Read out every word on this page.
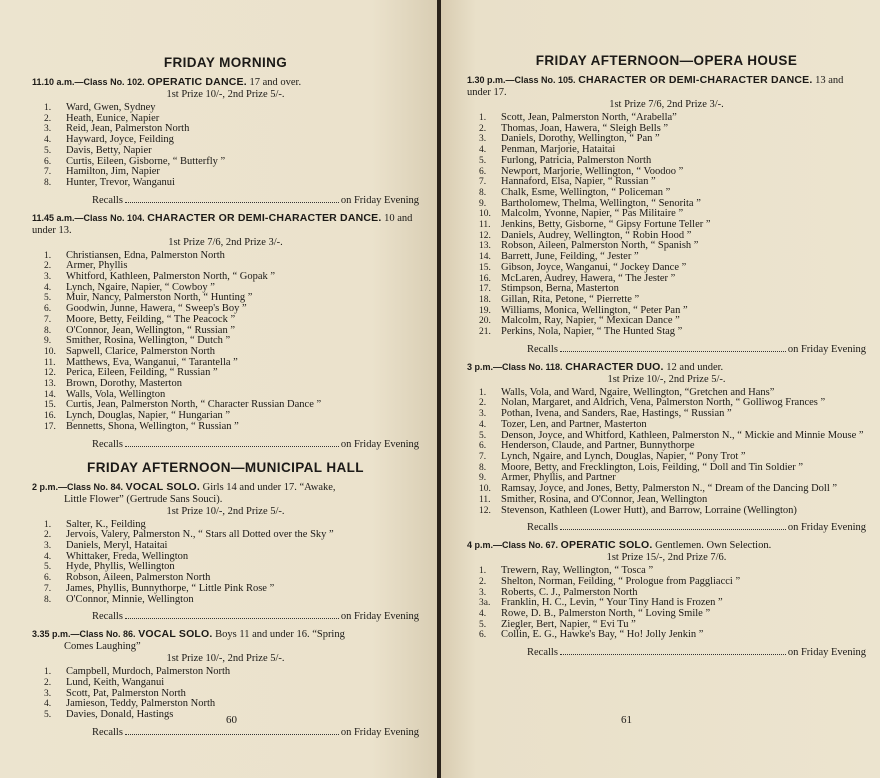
FRIDAY MORNING
11.10 a.m.—Class No. 102. OPERATIC DANCE. 17 and over.
1st Prize 10/-, 2nd Prize 5/-.
1.	Ward, Gwen, Sydney
2.	Heath, Eunice, Napier
3.	Reid, Jean, Palmerston North
4.	Hayward, Joyce, Feilding
5.	Davis, Betty, Napier
6.	Curtis, Eileen, Gisborne, “ Butterfly ”
7.	Hamilton, Jim, Napier
8.	Hunter, Trevor, Wanganui
Recalls	on Friday Evening
11.45 a.m.—Class No. 104. CHARACTER OR DEMI-CHARACTER DANCE. 10 and under 13.
1st Prize 7/6, 2nd Prize 3/-.
1.	Christiansen, Edna, Palmerston North
2.	Armer, Phyllis
3.	Whitford, Kathleen, Palmerston North, “ Gopak ”
4.	Lynch, Ngaire, Napier, “ Cowboy ”
5.	Muir, Nancy, Palmerston North, “ Hunting ”
6.	Goodwin, Junne, Hawera, “ Sweep's Boy ”
7.	Moore, Betty, Feilding, “ The Peacock ”
8.	O'Connor, Jean, Wellington, “ Russian ”
9.	Smither, Rosina, Wellington, “ Dutch ”
10. Sapwell, Clarice, Palmerston North
11. Matthews, Eva, Wanganui, “ Tarantella ”
12. Perica, Eileen, Feilding, “ Russian ”
13. Brown, Dorothy, Masterton
14. Walls, Vola, Wellington
15. Curtis, Jean, Palmerston North, “ Character Russian Dance ”
16. Lynch, Douglas, Napier, “ Hungarian ”
17. Bennetts, Shona, Wellington, “ Russian ”
Recalls	on Friday Evening
FRIDAY AFTERNOON—MUNICIPAL HALL
2 p.m.—Class No. 84. VOCAL SOLO. Girls 14 and under 17. “Awake,
Little Flower” (Gertrude Sans Souci).
1st Prize 10/-, 2nd Prize 5/-.
1.	Salter, K., Feilding
2.	Jervois, Valery, Palmerston N., “ Stars all Dotted over the Sky ”
3.	Daniels, Meryl, Hataitai
4.	Whittaker, Freda, Wellington
5.	Hyde, Phyllis, Wellington
6.	Robson, Aileen, Palmerston North
7.	James, Phyllis, Bunnythorpe, “ Little Pink Rose ”
8.	O'Connor, Minnie, Wellington
Recalls	on Friday Evening
3.35 p.m.—Class No. 86. VOCAL SOLO. Boys 11 and under 16. “Spring
Comes Laughing”
1st Prize 10/-, 2nd Prize 5/-.
1.	Campbell, Murdoch, Palmerston North
2.	Lund, Keith, Wanganui
3.	Scott, Pat, Palmerston North
4.	Jamieson, Teddy, Palmerston North
5.	Davies, Donald, Hastings
Recalls	on Friday Evening
60
FRIDAY AFTERNOON—OPERA HOUSE
1.30 p.m.—Class No. 105. CHARACTER OR DEMI-CHARACTER DANCE. 13 and under 17.
1st Prize 7/6, 2nd Prize 3/-.
1.	Scott, Jean, Palmerston North, “Arabella”
2.	Thomas, Joan, Hawera, “ Sleigh Bells ”
3.	Daniels, Dorothy, Wellington, “ Pan ”
4.	Penman, Marjorie, Hataitai
5.	Furlong, Patricia, Palmerston North
6.	Newport, Marjorie, Wellington, “ Voodoo ”
7.	Hannaford, Elsa, Napier, “ Russian ”
8.	Chalk, Esme, Wellington, “ Policeman ”
9.	Bartholomew, Thelma, Wellington, “ Senorita ”
10. Malcolm, Yvonne, Napier, “ Pas Militaire ”
11. Jenkins, Betty, Gisborne, “ Gipsy Fortune Teller ”
12. Daniels, Audrey, Wellington, “ Robin Hood ”
13. Robson, Aileen, Palmerston North, “ Spanish ”
14. Barrett, June, Feilding, “ Jester ”
15. Gibson, Joyce, Wanganui, “ Jockey Dance ”
16. McLaren, Audrey, Hawera, “ The Jester ”
17. Stimpson, Berna, Masterton
18. Gillan, Rita, Petone, “ Pierrette ”
19. Williams, Monica, Wellington, “ Peter Pan ”
20. Malcolm, Ray, Napier, “ Mexican Dance ”
21. Perkins, Nola, Napier, “ The Hunted Stag ”
Recalls	on Friday Evening
3 p.m.—Class No. 118. CHARACTER DUO. 12 and under.
1st Prize 10/-, 2nd Prize 5/-.
1.	Walls, Vola, and Ward, Ngaire, Wellington, “Gretchen and Hans”
2.	Nolan, Margaret, and Aldrich, Vena, Palmerston North, “ Golliwog Frances ”
3.	Pothan, Ivena, and Sanders, Rae, Hastings, “ Russian ”
4.	Tozer, Len, and Partner, Masterton
5.	Denson, Joyce, and Whitford, Kathleen, Palmerston N., “ Mickie and Minnie Mouse ”
6.	Henderson, Claude, and Partner, Bunnythorpe
7.	Lynch, Ngaire, and Lynch, Douglas, Napier, “ Pony Trot ”
8.	Moore, Betty, and Frecklington, Lois, Feilding, “ Doll and Tin Soldier ”
9.	Armer, Phyllis, and Partner
10. Ramsay, Joyce, and Jones, Betty, Palmerston N., “ Dream of the Dancing Doll ”
11. Smither, Rosina, and O'Connor, Jean, Wellington
12. Stevenson, Kathleen (Lower Hutt), and Barrow, Lorraine (Wellington)
Recalls	on Friday Evening
4 p.m.—Class No. 67. OPERATIC SOLO. Gentlemen. Own Selection.
1st Prize 15/-, 2nd Prize 7/6.
1.	Trewern, Ray, Wellington, “ Tosca ”
2.	Shelton, Norman, Feilding, “ Prologue from Paggliacci ”
3.	Roberts, C. J., Palmerston North
3a.	Franklin, H. C., Levin, “ Your Tiny Hand is Frozen ”
4.	Rowe, D. B., Palmerston North, “ Loving Smile ”
5.	Ziegler, Bert, Napier, “ Evi Tu ”
6.	Collin, E. G., Hawke's Bay, “ Ho! Jolly Jenkin ”
Recalls	on Friday Evening
61
